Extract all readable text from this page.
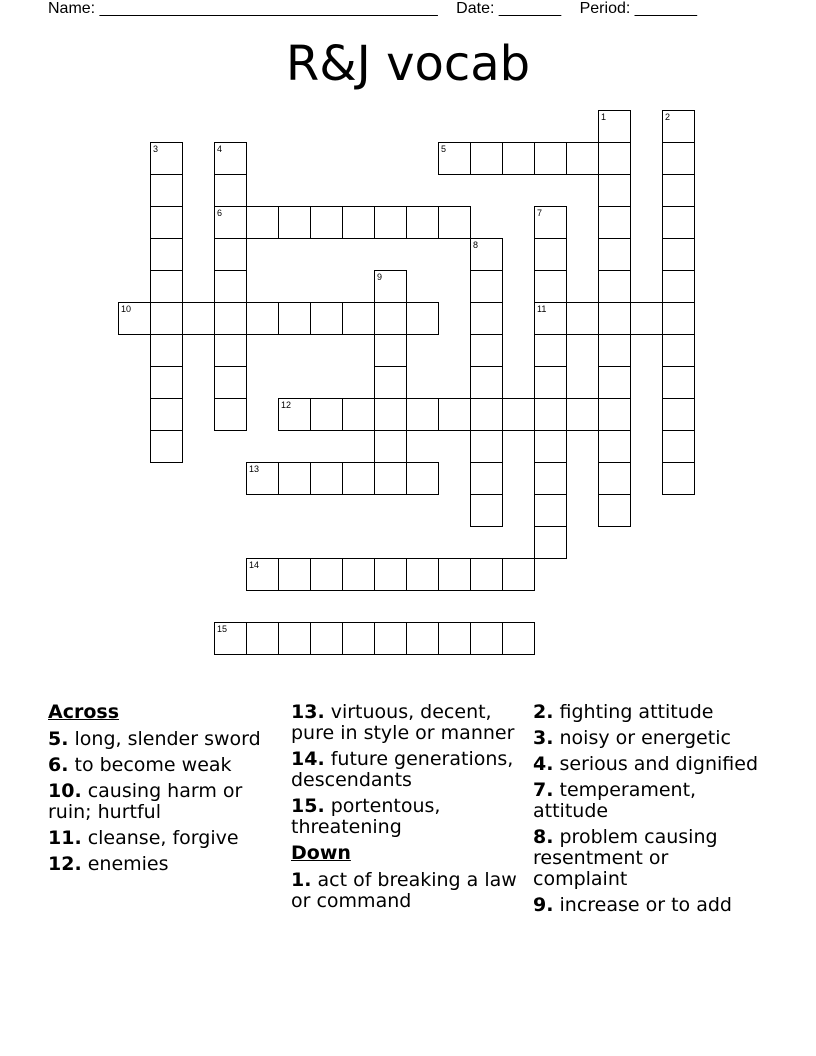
Name: ______________________________________ Date: _______ Period: _______
R&J vocab
1	2
3	4
6
5
7
11
8
9
10
12
13
14
15
Across
5. long, slender sword
6. to become weak
10. causing harm or ruin; hurtful
11. cleanse, forgive
12. enemies
13. virtuous, decent, pure in style or manner
14. future generations, descendants
15. portentous, threatening
Down
1. act of breaking a law or command
2. fighting attitude
3. noisy or energetic
4. serious and dignified
7. temperament, attitude
8. problem causing resentment or complaint
9. increase or to add
